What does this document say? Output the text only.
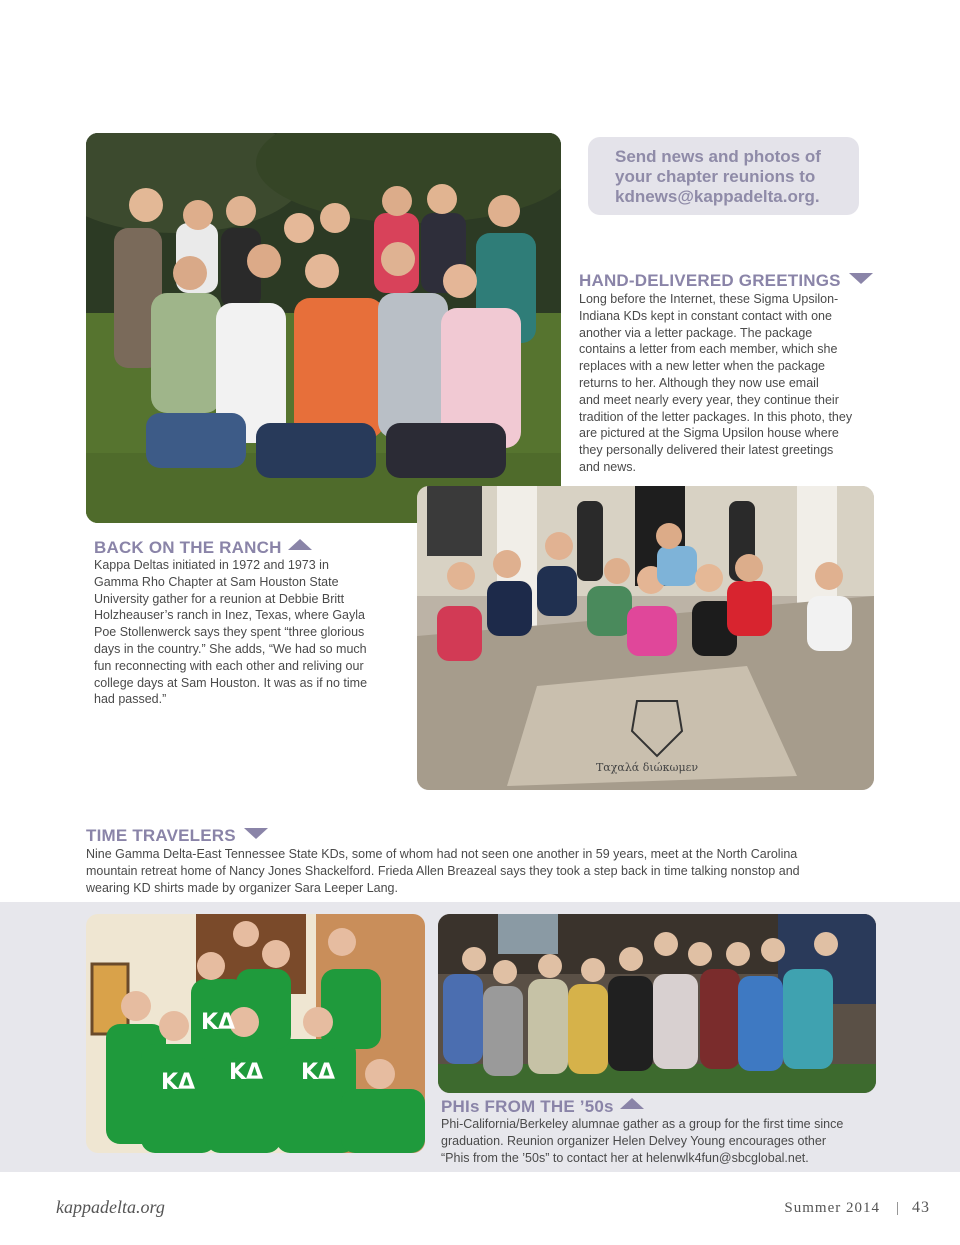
Send news and photos of
your chapter reunions to
kdnews@kappadelta.org.
HAND-DELIVERED GREETINGS
Long before the Internet, these Sigma Upsilon-
Indiana KDs kept in constant contact with one
another via a letter package. The package
contains a letter from each member, which she
replaces with a new letter when the package
returns to her. Although they now use email
and meet nearly every year, they continue their
tradition of the letter packages. In this photo, they
are pictured at the Sigma Upsilon house where
they personally delivered their latest greetings
and news.
Ταχαλά διώκωμεν
BACK ON THE RANCH
Kappa Deltas initiated in 1972 and 1973 in
Gamma Rho Chapter at Sam Houston State
University gather for a reunion at Debbie Britt
Holzheauser’s ranch in Inez, Texas, where Gayla
Poe Stollenwerck says they spent “three glorious
days in the country.” She adds, “We had so much
fun reconnecting with each other and reliving our
college days at Sam Houston. It was as if no time
had passed.”
TIME TRAVELERS
Nine Gamma Delta-East Tennessee State KDs, some of whom had not seen one another in 59 years, meet at the North Carolina
mountain retreat home of Nancy Jones Shackelford. Frieda Allen Breazeal says they took a step back in time talking nonstop and
wearing KD shirts made by organizer Sara Leeper Lang.
KΔ KΔ KΔ
KΔ
PHIs FROM THE ’50s
Phi-California/Berkeley alumnae gather as a group for the first time since
graduation. Reunion organizer Helen Delvey Young encourages other
“Phis from the ’50s” to contact her at helenwlk4fun@sbcglobal.net.
kappadelta.org	Summer 2014 | 43
